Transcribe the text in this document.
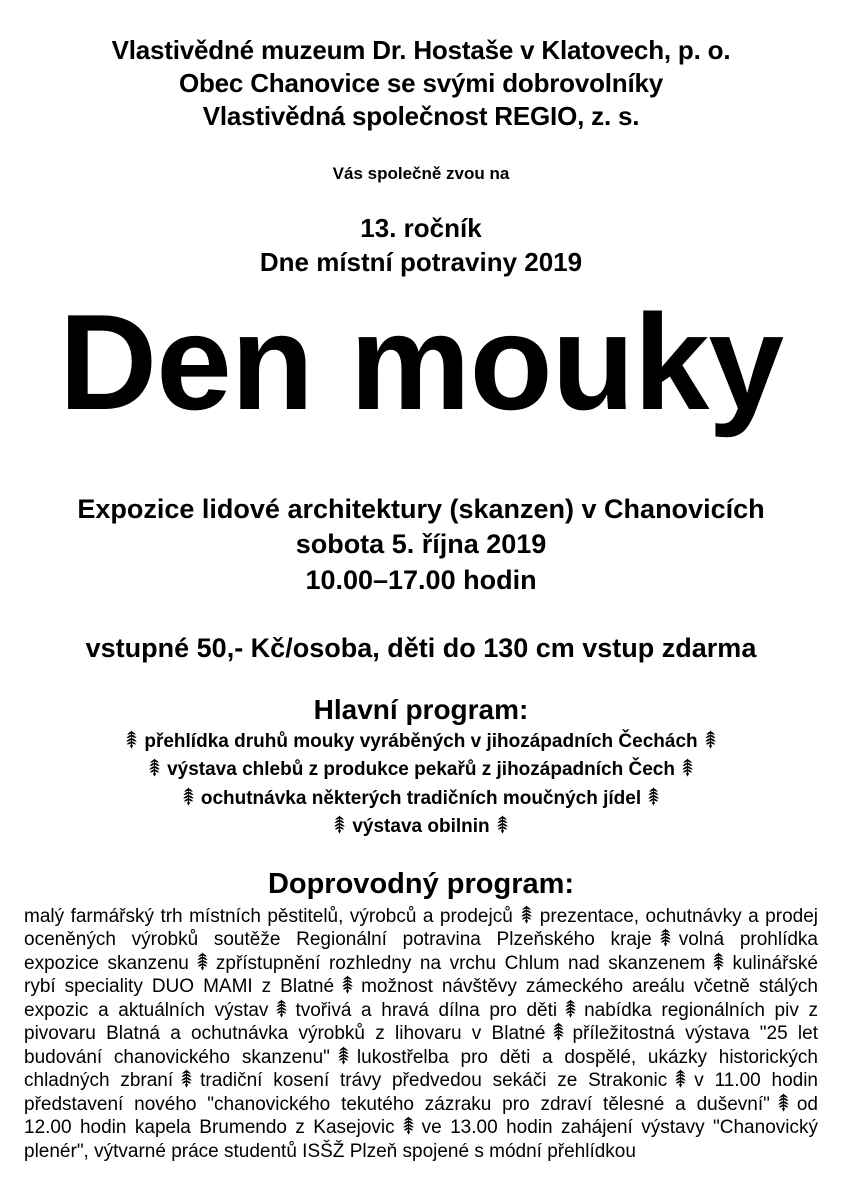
Vlastivědné muzeum Dr. Hostaše v Klatovech, p. o.
Obec Chanovice se svými dobrovolníky
Vlastivědná společnost REGIO, z. s.
Vás společně zvou na
13. ročník
Dne místní potraviny 2019
Den mouky
Expozice lidové architektury (skanzen) v Chanovicích
sobota 5. října 2019
10.00–17.00 hodin
vstupné 50,- Kč/osoba, děti do 130 cm vstup zdarma
Hlavní program:
přehlídka druhů mouky vyráběných v jihozápadních Čechách
výstava chlebů z produkce pekařů z jihozápadních Čech
ochutnávka některých tradičních moučných jídel
výstava obilnin
Doprovodný program:
malý farmářský trh místních pěstitelů, výrobců a prodejců prezentace, ochutnávky a prodej oceněných výrobků soutěže Regionální potravina Plzeňského kraje volná prohlídka expozice skanzenu zpřístupnění rozhledny na vrchu Chlum nad skanzenem kulinářské rybí speciality DUO MAMI z Blatné možnost návštěvy zámeckého areálu včetně stálých expozic a aktuálních výstav tvořivá a hravá dílna pro děti nabídka regionálních piv z pivovaru Blatná a ochutnávka výrobků z lihovaru v Blatné příležitostná výstava "25 let budování chanovického skanzenu" lukostřelba pro děti a dospělé, ukázky historických chladných zbraní tradiční kosení trávy předvedou sekáči ze Strakonic v 11.00 hodin představení nového "chanovického tekutého zázraku pro zdraví tělesné a duševní" od 12.00 hodin kapela Brumendo z Kasejovic ve 13.00 hodin zahájení výstavy "Chanovický plenér", výtvarné práce studentů ISŠŽ Plzeň spojené s módní přehlídkou
